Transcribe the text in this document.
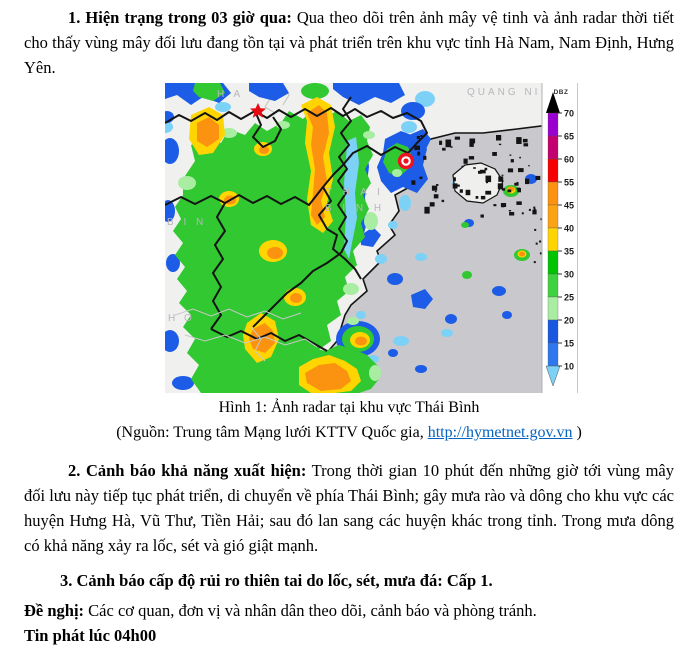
1. Hiện trạng trong 03 giờ qua: Qua theo dõi trên ảnh mây vệ tinh và ảnh radar thời tiết cho thấy vùng mây đối lưu đang tồn tại và phát triển trên khu vực tỉnh Hà Nam, Nam Định, Hưng Yên.

H A	QUANG NI
B I N
T H A I
B I N H
H O
DBZ
70
65
60
55
45
40
35
30
25
20
15
10

Hình 1: Ảnh radar tại khu vực Thái Bình

(Nguồn: Trung tâm Mạng lưới KTTV Quốc gia, http://hymetnet.gov.vn )

2. Cảnh báo khả năng xuất hiện: Trong thời gian 10 phút đến những giờ tới vùng mây đối lưu này tiếp tục phát triển, di chuyển về phía Thái Bình; gây mưa rào và dông cho khu vực các huyện Hưng Hà, Vũ Thư, Tiền Hải; sau đó lan sang các huyện khác trong tỉnh. Trong mưa dông có khả năng xảy ra lốc, sét và gió giật mạnh.

3. Cảnh báo cấp độ rủi ro thiên tai do lốc, sét, mưa đá: Cấp 1.

Đề nghị: Các cơ quan, đơn vị và nhân dân theo dõi, cảnh báo và phòng tránh.

Tin phát lúc 04h00
